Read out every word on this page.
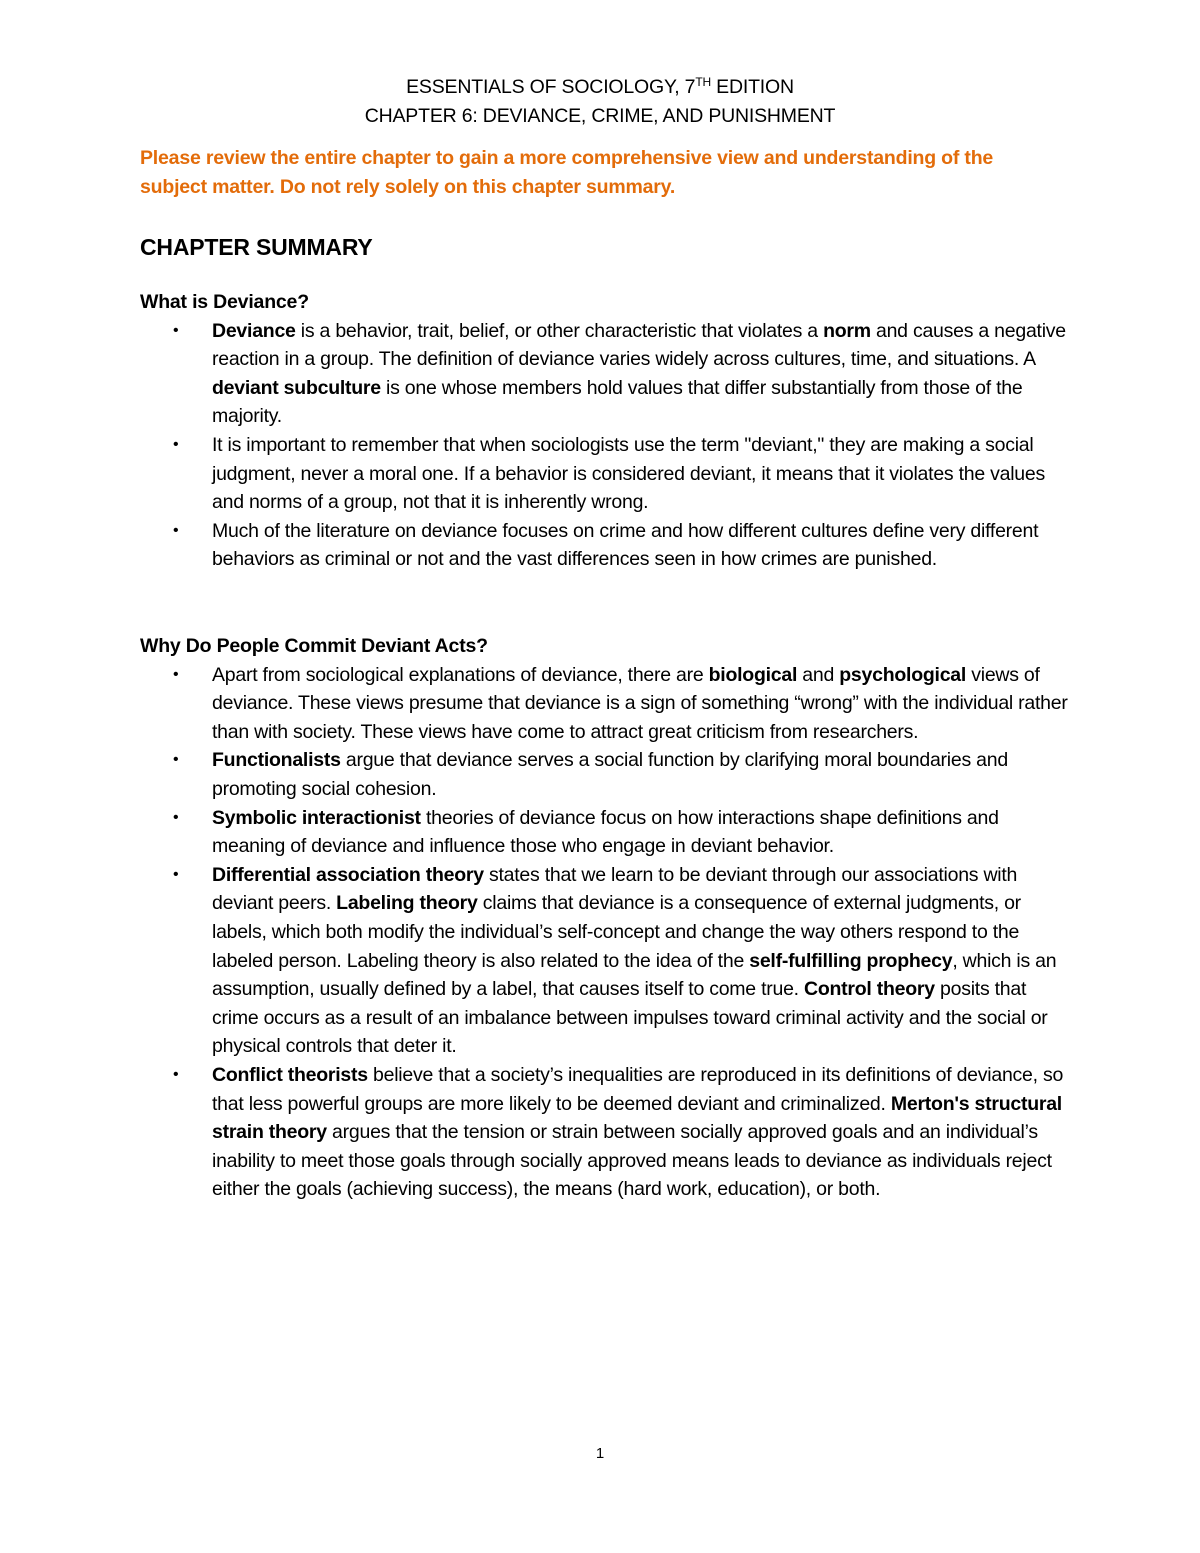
ESSENTIALS OF SOCIOLOGY, 7TH EDITION
CHAPTER 6: DEVIANCE, CRIME, AND PUNISHMENT
Please review the entire chapter to gain a more comprehensive view and understanding of the subject matter. Do not rely solely on this chapter summary.
CHAPTER SUMMARY

What is Deviance?

• Deviance is a behavior, trait, belief, or other characteristic that violates a norm and causes a negative reaction in a group. The definition of deviance varies widely across cultures, time, and situations. A deviant subculture is one whose members hold values that differ substantially from those of the majority.
• It is important to remember that when sociologists use the term "deviant," they are making a social judgment, never a moral one. If a behavior is considered deviant, it means that it violates the values and norms of a group, not that it is inherently wrong.
• Much of the literature on deviance focuses on crime and how different cultures define very different behaviors as criminal or not and the vast differences seen in how crimes are punished.

Why Do People Commit Deviant Acts?

• Apart from sociological explanations of deviance, there are biological and psychological views of deviance. These views presume that deviance is a sign of something “wrong” with the individual rather than with society. These views have come to attract great criticism from researchers.
• Functionalists argue that deviance serves a social function by clarifying moral boundaries and promoting social cohesion.
• Symbolic interactionist theories of deviance focus on how interactions shape definitions and meaning of deviance and influence those who engage in deviant behavior.
• Differential association theory states that we learn to be deviant through our associations with deviant peers. Labeling theory claims that deviance is a consequence of external judgments, or labels, which both modify the individual’s self-concept and change the way others respond to the labeled person. Labeling theory is also related to the idea of the self-fulfilling prophecy, which is an assumption, usually defined by a label, that causes itself to come true. Control theory posits that crime occurs as a result of an imbalance between impulses toward criminal activity and the social or physical controls that deter it.
• Conflict theorists believe that a society’s inequalities are reproduced in its definitions of deviance, so that less powerful groups are more likely to be deemed deviant and criminalized. Merton's structural strain theory argues that the tension or strain between socially approved goals and an individual’s inability to meet those goals through socially approved means leads to deviance as individuals reject either the goals (achieving success), the means (hard work, education), or both.
1
